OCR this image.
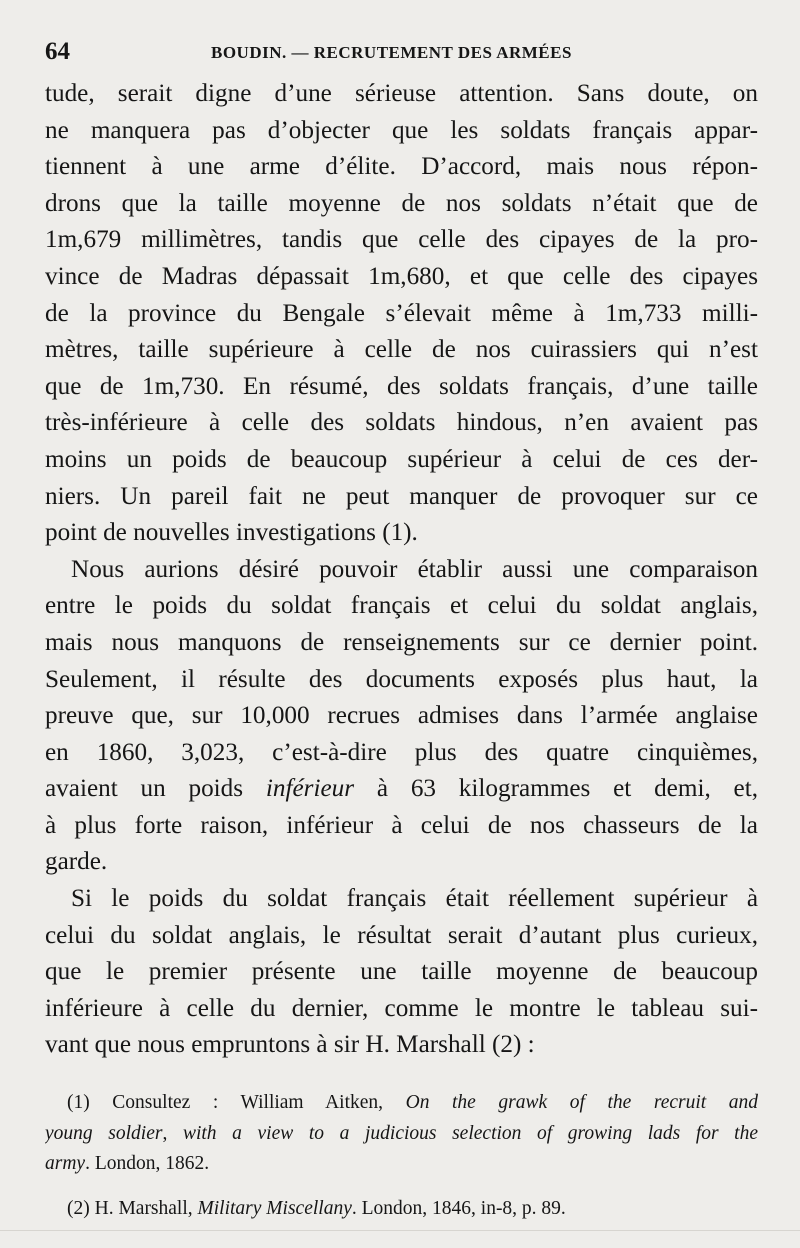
64	BOUDIN. — RECRUTEMENT DES ARMÉES
tude, serait digne d’une sérieuse attention. Sans doute, on
ne manquera pas d’objecter que les soldats français appar-
tiennent à une arme d’élite. D’accord, mais nous répon-
drons que la taille moyenne de nos soldats n’était que de
1m,679 millimètres, tandis que celle des cipayes de la pro-
vince de Madras dépassait 1m,680, et que celle des cipayes
de la province du Bengale s’élevait même à 1m,733 milli-
mètres, taille supérieure à celle de nos cuirassiers qui n’est
que de 1m,730. En résumé, des soldats français, d’une taille
très-inférieure à celle des soldats hindous, n’en avaient pas
moins un poids de beaucoup supérieur à celui de ces der-
niers. Un pareil fait ne peut manquer de provoquer sur ce
point de nouvelles investigations (1).
Nous aurions désiré pouvoir établir aussi une comparaison
entre le poids du soldat français et celui du soldat anglais,
mais nous manquons de renseignements sur ce dernier point.
Seulement, il résulte des documents exposés plus haut, la
preuve que, sur 10,000 recrues admises dans l’armée anglaise
en 1860, 3,023, c’est-à-dire plus des quatre cinquièmes,
avaient un poids inférieur à 63 kilogrammes et demi, et,
à plus forte raison, inférieur à celui de nos chasseurs de la
garde.
Si le poids du soldat français était réellement supérieur à
celui du soldat anglais, le résultat serait d’autant plus curieux,
que le premier présente une taille moyenne de beaucoup
inférieure à celle du dernier, comme le montre le tableau sui-
vant que nous empruntons à sir H. Marshall (2) :
(1) Consultez : William Aitken, On the grawk of the recruit and
young soldier, with a view to a judicious selection of growing lads for the
army. London, 1862.
(2) H. Marshall, Military Miscellany. London, 1846, in-8, p. 89.
